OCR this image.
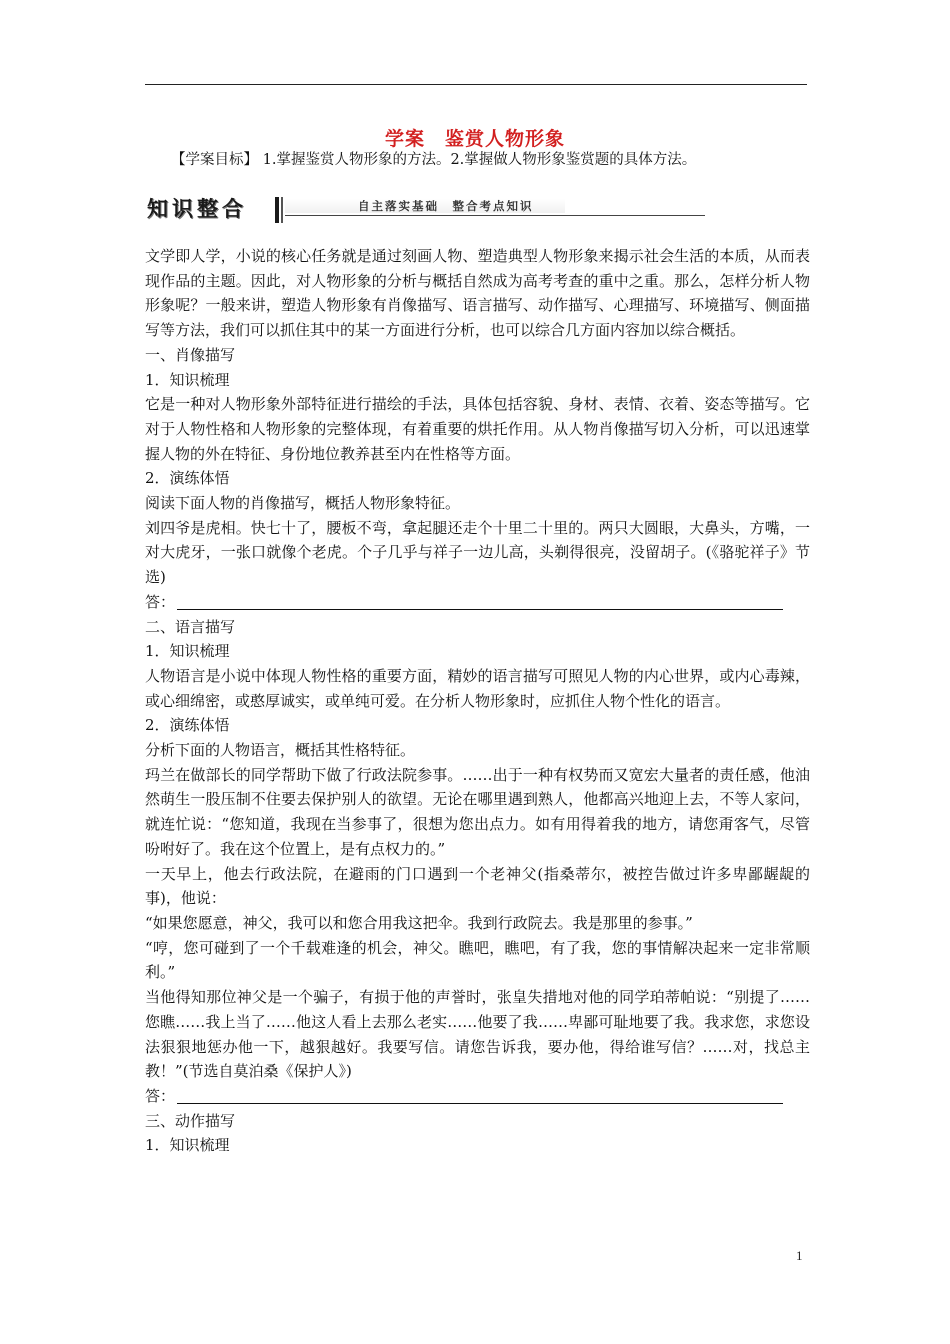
学案　鉴赏人物形象
【学案目标】 1.掌握鉴赏人物形象的方法。2.掌握做人物形象鉴赏题的具体方法。
知识整合	自主落实基础　整合考点知识

文学即人学，小说的核心任务就是通过刻画人物、塑造典型人物形象来揭示社会生活的本质，从而表现作品的主题。因此，对人物形象的分析与概括自然成为高考考查的重中之重。那么，怎样分析人物形象呢？一般来讲，塑造人物形象有肖像描写、语言描写、动作描写、心理描写、环境描写、侧面描写等方法，我们可以抓住其中的某一方面进行分析，也可以综合几方面内容加以综合概括。

一、肖像描写

1．知识梳理

它是一种对人物形象外部特征进行描绘的手法，具体包括容貌、身材、表情、衣着、姿态等描写。它对于人物性格和人物形象的完整体现，有着重要的烘托作用。从人物肖像描写切入分析，可以迅速掌握人物的外在特征、身份地位教养甚至内在性格等方面。

2．演练体悟

阅读下面人物的肖像描写，概括人物形象特征。

刘四爷是虎相。快七十了，腰板不弯，拿起腿还走个十里二十里的。两只大圆眼，大鼻头，方嘴，一对大虎牙，一张口就像个老虎。个子几乎与祥子一边儿高，头剃得很亮，没留胡子。(《骆驼祥子》节选)

答：

二、语言描写

1．知识梳理

人物语言是小说中体现人物性格的重要方面，精妙的语言描写可照见人物的内心世界，或内心毒辣，或心细绵密，或憨厚诚实，或单纯可爱。在分析人物形象时，应抓住人物个性化的语言。

2．演练体悟

分析下面的人物语言，概括其性格特征。

玛兰在做部长的同学帮助下做了行政法院参事。……出于一种有权势而又宽宏大量者的责任感，他油然萌生一股压制不住要去保护别人的欲望。无论在哪里遇到熟人，他都高兴地迎上去，不等人家问，就连忙说：“您知道，我现在当参事了，很想为您出点力。如有用得着我的地方，请您甭客气，尽管吩咐好了。我在这个位置上，是有点权力的。”

一天早上，他去行政法院，在避雨的门口遇到一个老神父(指桑蒂尔，被控告做过许多卑鄙龌龊的事)，他说：

“如果您愿意，神父，我可以和您合用我这把伞。我到行政院去。我是那里的参事。”

“哼，您可碰到了一个千载难逢的机会，神父。瞧吧，瞧吧，有了我，您的事情解决起来一定非常顺利。”

当他得知那位神父是一个骗子，有损于他的声誉时，张皇失措地对他的同学珀蒂帕说：“别提了……您瞧……我上当了……他这人看上去那么老实……他要了我……卑鄙可耻地要了我。我求您，求您设法狠狠地惩办他一下，越狠越好。我要写信。请您告诉我，要办他，得给谁写信？……对，找总主教！”(节选自莫泊桑《保护人》)

答：

三、动作描写

1．知识梳理

1
